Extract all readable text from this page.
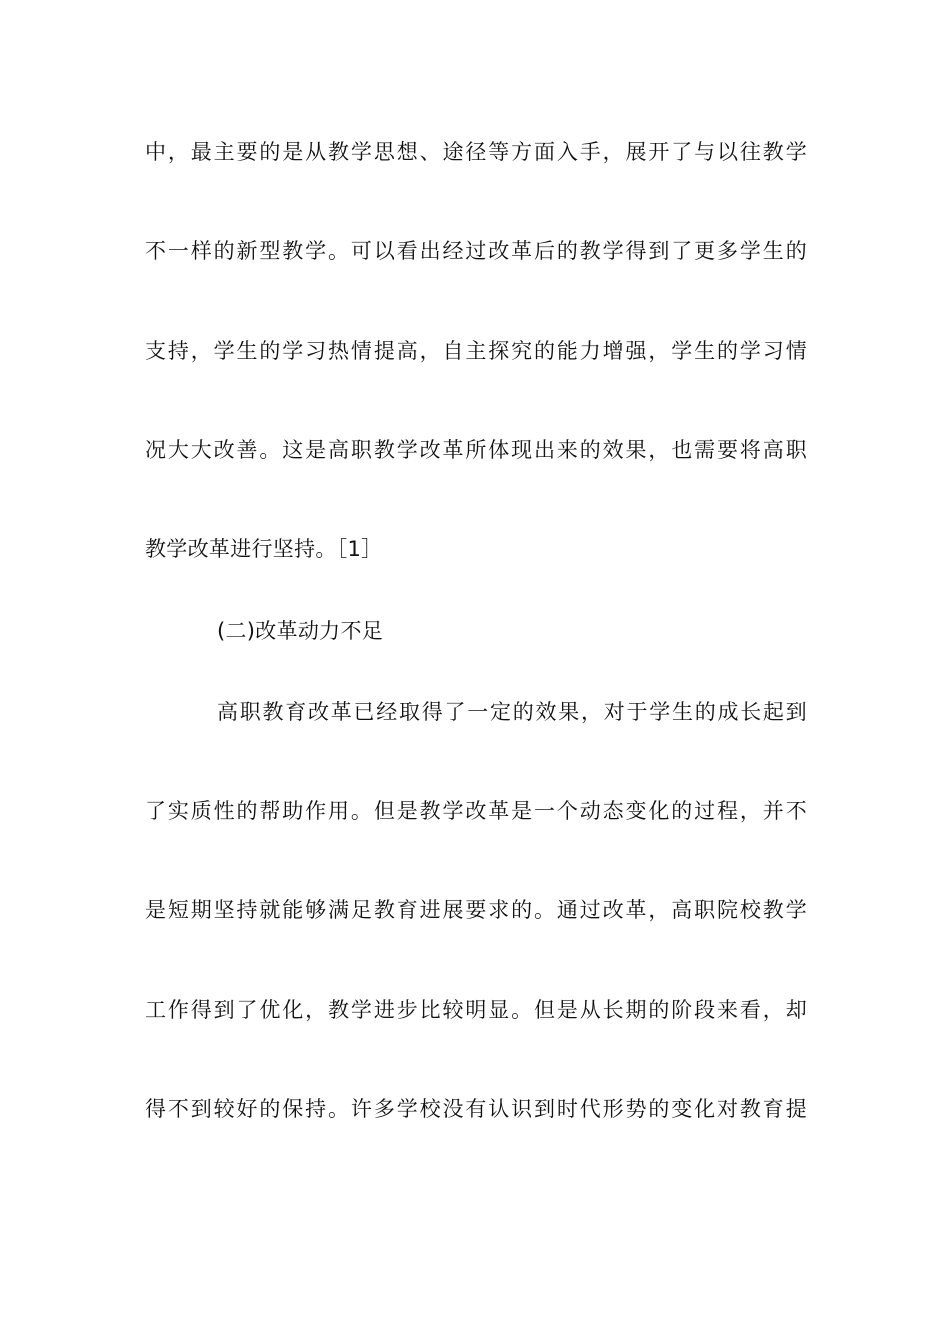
中，最主要的是从教学思想、途径等方面入手，展开了与以往教学
不一样的新型教学。可以看出经过改革后的教学得到了更多学生的
支持，学生的学习热情提高，自主探究的能力增强，学生的学习情
况大大改善。这是高职教学改革所体现出来的效果，也需要将高职
教学改革进行坚持。［1］
(二)改革动力不足
高职教育改革已经取得了一定的效果，对于学生的成长起到
了实质性的帮助作用。但是教学改革是一个动态变化的过程，并不
是短期坚持就能够满足教育进展要求的。通过改革，高职院校教学
工作得到了优化，教学进步比较明显。但是从长期的阶段来看，却
得不到较好的保持。许多学校没有认识到时代形势的变化对教育提
